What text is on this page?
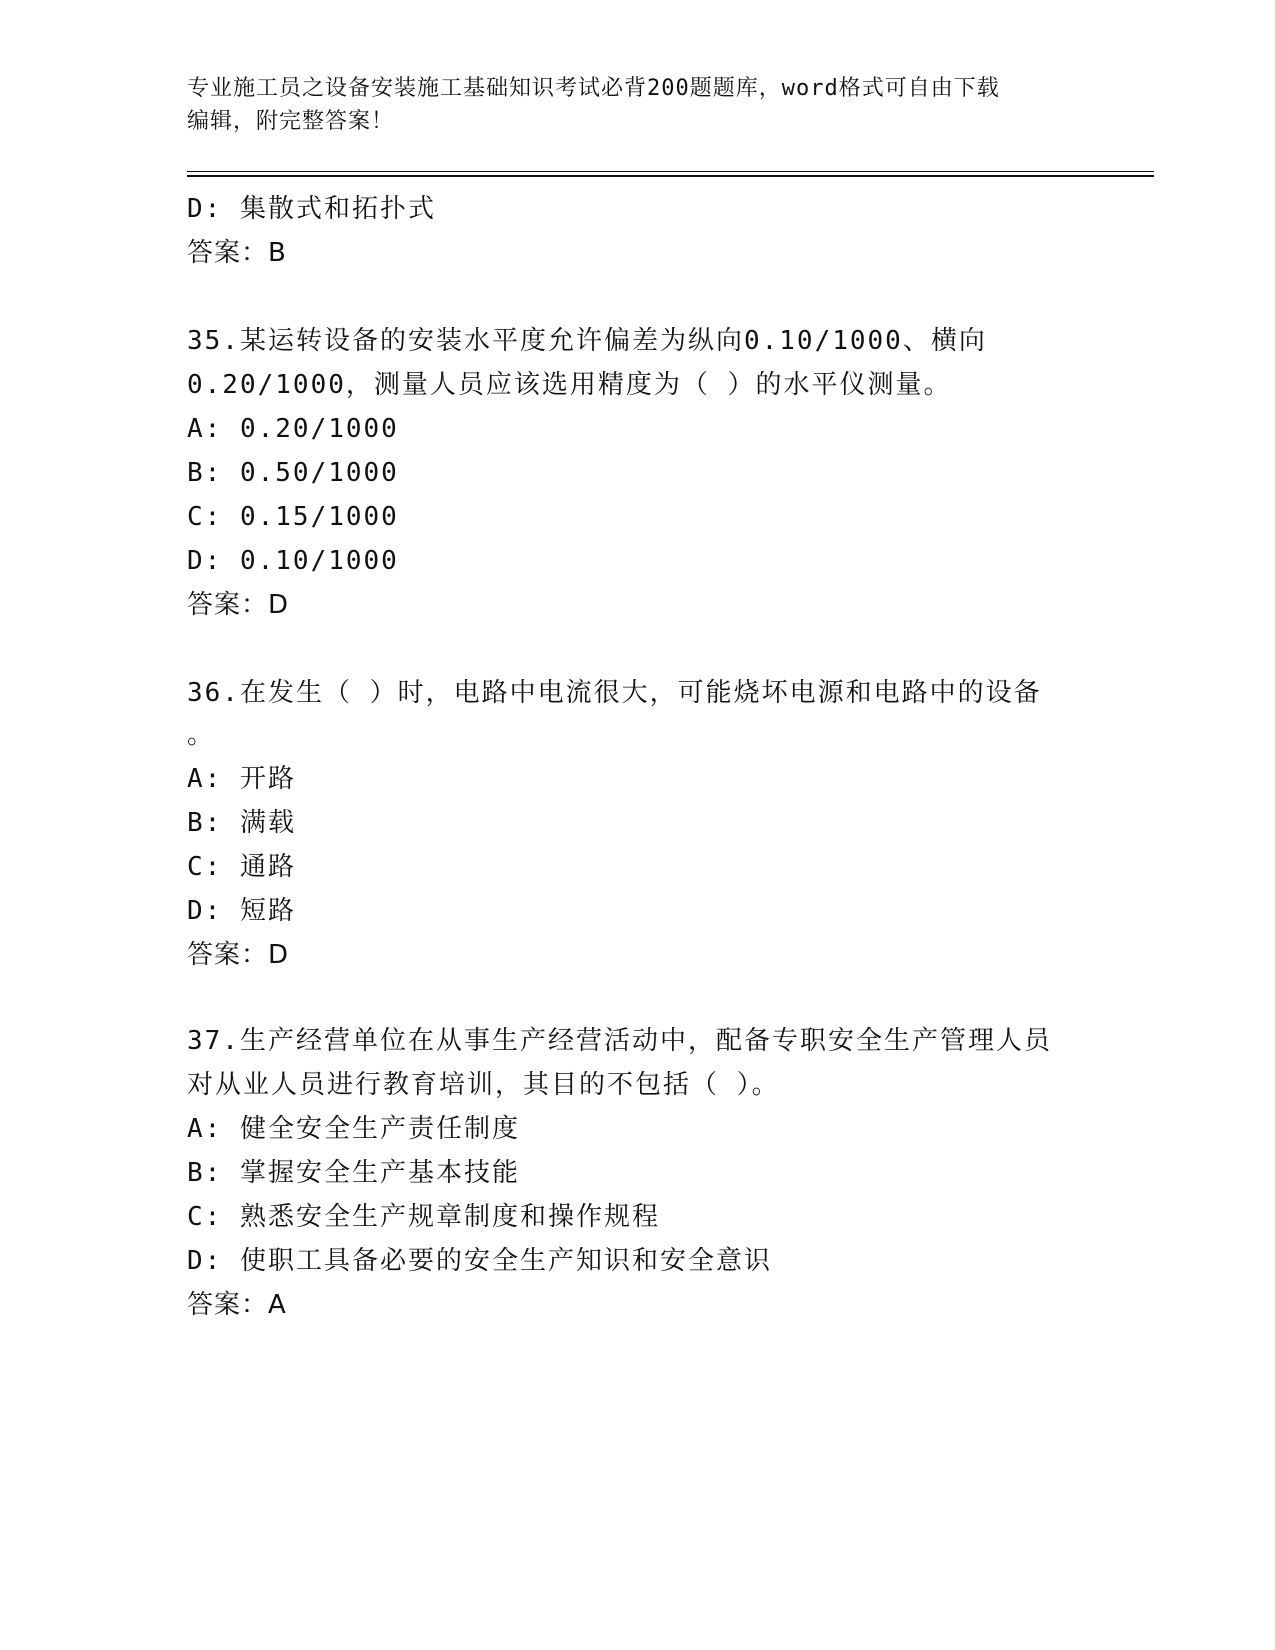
专业施工员之设备安装施工基础知识考试必背200题题库，word格式可自由下载
编辑，附完整答案！
D: 集散式和拓扑式
答案：B
35.某运转设备的安装水平度允许偏差为纵向0.10/1000、横向
0.20/1000，测量人员应该选用精度为（ ）的水平仪测量。
A: 0.20/1000
B: 0.50/1000
C: 0.15/1000
D: 0.10/1000
答案：D
36.在发生（ ）时，电路中电流很大，可能烧坏电源和电路中的设备
。
A: 开路
B: 满载
C: 通路
D: 短路
答案：D
37.生产经营单位在从事生产经营活动中，配备专职安全生产管理人员
对从业人员进行教育培训，其目的不包括（ ）。
A: 健全安全生产责任制度
B: 掌握安全生产基本技能
C: 熟悉安全生产规章制度和操作规程
D: 使职工具备必要的安全生产知识和安全意识
答案：A
